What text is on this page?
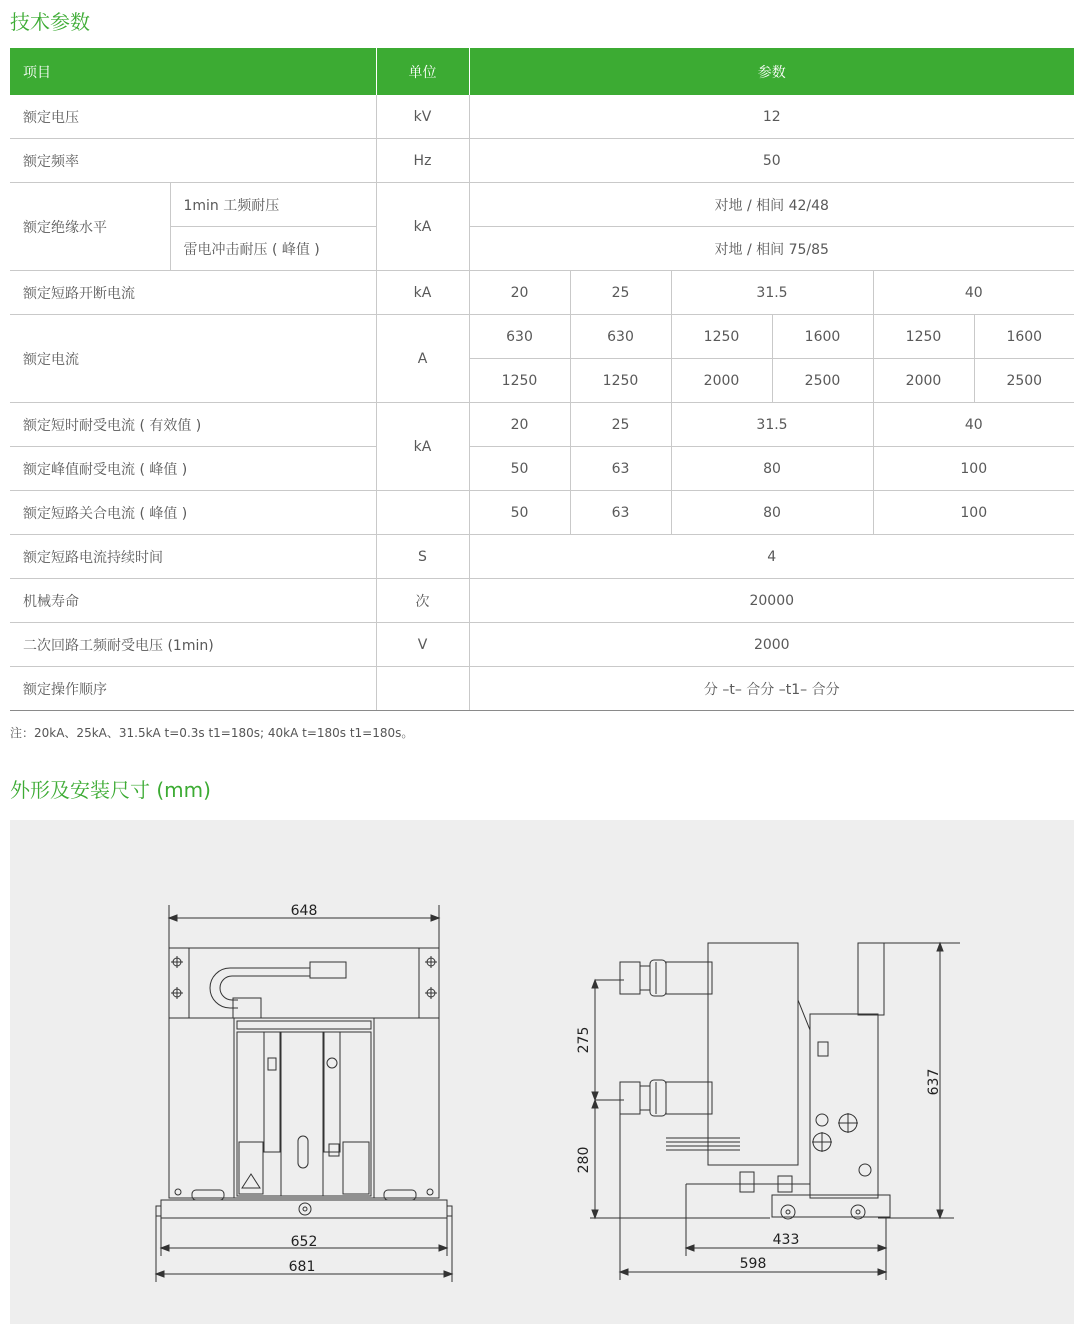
技术参数
项目		单位	参数					
额定电压		kV	12					
额定频率		Hz	50					
额定绝缘水平	1min 工频耐压	kA	对地 / 相间 42/48					
	雷电冲击耐压 ( 峰值 )		对地 / 相间 75/85					
额定短路开断电流		kA	20	25	31.5		40	
额定电流		A	630	630	1250	1600	1250	1600
			1250	1250	2000	2500	2000	2500
额定短时耐受电流 ( 有效值 )		kA	20	25	31.5		40	
额定峰值耐受电流 ( 峰值 )			50	63	80		100	
额定短路关合电流 ( 峰值 )			50	63	80		100	
额定短路电流持续时间		S	4					
机械寿命		次	20000					
二次回路工频耐受电压 (1min)		V	2000					
额定操作顺序			分 –t– 合分 –t1– 合分					
注：20kA、25kA、31.5kA t=0.3s t1=180s; 40kA t=180s t1=180s。
外形及安装尺寸 (mm)
648
652
681
275
280
637
433
598
